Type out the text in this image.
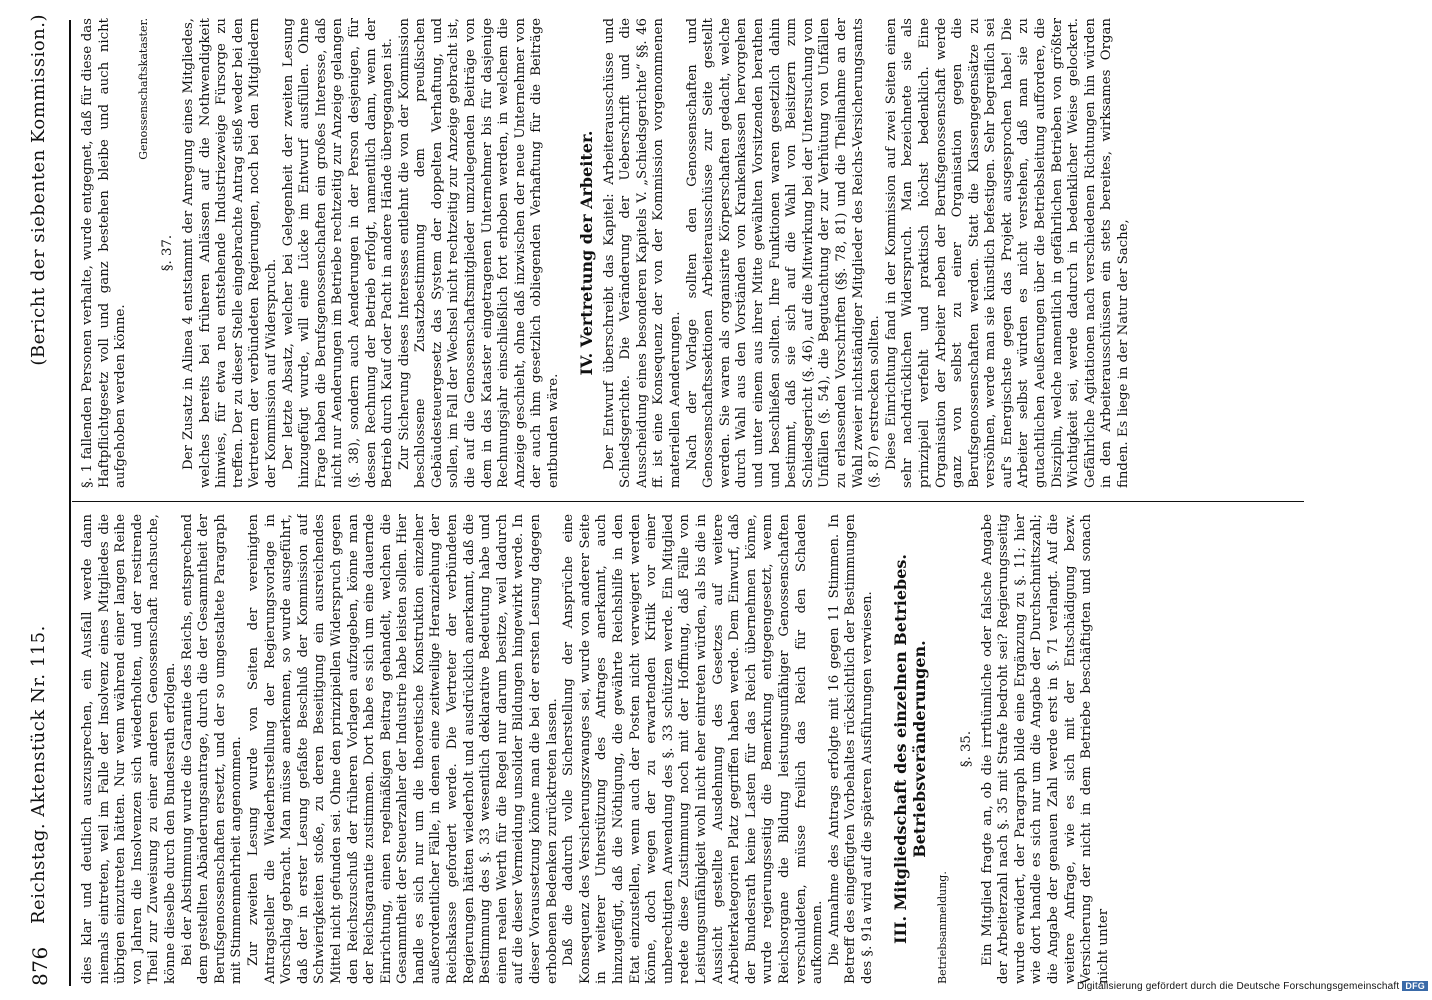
876
Reichstag. Aktenstück Nr. 115.
(Bericht der siebenten Kommission.)

dies klar und deutlich auszusprechen, ein Ausfall werde dann niemals eintreten, weil im Falle der Insolvenz eines Mitgliedes die übrigen einzutreten hätten. Nur wenn während einer langen Reihe von Jahren die Insolvenzen sich wiederholten, und der restirende Theil zur Zuweisung zu einer anderen Genossenschaft nachsuche, könne dieselbe durch den Bundesrath erfolgen. Bei der Abstimmung wurde die Garantie des Reichs, entsprechend dem gestellten Abänderungsantrage, durch die der Gesammtheit der Berufsgenossenschaften ersetzt, und der so umgestaltete Paragraph mit Stimmenmehrheit angenommen. Zur zweiten Lesung wurde von Seiten der vereinigten Antragsteller die Wiederherstellung der Regierungsvorlage in Vorschlag gebracht. Man müsse anerkennen, so wurde ausgeführt, daß der in erster Lesung gefaßte Beschluß der Kommission auf Schwierigkeiten stoße, zu deren Beseitigung ein ausreichendes Mittel nicht gefunden sei. Ohne den prinzipiellen Widerspruch gegen den Reichszuschuß der früheren Vorlagen aufzugeben, könne man der Reichsgarantie zustimmen. Dort habe es sich um eine dauernde Einrichtung, einen regelmäßigen Beitrag gehandelt, welchen die Gesammtheit der Steuerzahler der Industrie habe leisten sollen. Hier handle es sich nur um die theoretische Konstruktion einzelner außerordentlicher Fälle, in denen eine zeitweilige Heranziehung der Reichskasse gefordert werde. Die Vertreter der verbündeten Regierungen hätten wiederholt und ausdrücklich anerkannt, daß die Bestimmung des §. 33 wesentlich deklarative Bedeutung habe und einen realen Werth für die Regel nur darum besitze, weil dadurch auf die dieser Vermeidung unsolider Bildungen hingewirkt werde. In dieser Voraussetzung könne man die bei der ersten Lesung dagegen erhobenen Bedenken zurücktreten lassen. Daß die dadurch volle Sicherstellung der Ansprüche eine Konsequenz des Versicherungszwanges sei, wurde von anderer Seite in weiterer Unterstützung des Antrages anerkannt, auch hinzugefügt, daß die Nöthigung, die gewährte Reichshilfe in den Etat einzustellen, wenn auch der Posten nicht verweigert werden könne, doch wegen der zu erwartenden Kritik vor einer unberechtigten Anwendung des §. 33 schützen werde. Ein Mitglied redete diese Zustimmung noch mit der Hoffnung, daß Fälle von Leistungsunfähigkeit wohl nicht eher eintreten würden, als bis die in Aussicht gestellte Ausdehnung des Gesetzes auf weitere Arbeiterkategorien Platz gegriffen haben werde. Dem Einwurf, daß der Bundesrath keine Lasten für das Reich übernehmen könne, wurde regierungsseitig die Bemerkung entgegengesetzt, wenn Reichsorgane die Bildung leistungsunfähiger Genossenschaften verschuldeten, müsse freilich das Reich für den Schaden aufkommen. Die Annahme des Antrags erfolgte mit 16 gegen 11 Stimmen. In Betreff des eingefügten Vorbehaltes rücksichtlich der Bestimmungen des §. 91a wird auf die späteren Ausführungen verwiesen. III. Mitgliedschaft des einzelnen Betriebes. Betriebsveränderungen.
Betriebsanmeldung.
§. 35. Ein Mitglied fragte an, ob die irrthümliche oder falsche Angabe der Arbeiterzahl nach §. 35 mit Strafe bedroht sei? Regierungsseitig wurde erwidert, der Paragraph bilde eine Ergänzung zu §. 11; hier wie dort handle es sich nur um die Angabe der Durchschnittszahl; die Angabe der genauen Zahl werde erst in §. 71 verlangt. Auf die weitere Anfrage, wie es sich mit der Entschädigung bezw. Versicherung der nicht in dem Betriebe beschäftigten und sonach nicht unter

§. 1 fallenden Personen verhalte, wurde entgegnet, daß für diese das Haftpflichtgesetz voll und ganz bestehen bleibe und auch nicht aufgehoben werden könne.

Genossenschaftskataster.
§. 37. Der Zusatz in Alinea 4 entstammt der Anregung eines Mitgliedes, welches bereits bei früheren Anlässen auf die Nothwendigkeit hinwies, für etwa neu entstehende Industriezweige Fürsorge zu treffen. Der zu dieser Stelle eingebrachte Antrag stieß weder bei den Vertretern der verbündeten Regierungen, noch bei den Mitgliedern der Kommission auf Widerspruch. Der letzte Absatz, welcher bei Gelegenheit der zweiten Lesung hinzugefügt wurde, will eine Lücke im Entwurf ausfüllen. Ohne Frage haben die Berufsgenossenschaften ein großes Interesse, daß nicht nur Aenderungen im Betriebe rechtzeitig zur Anzeige gelangen (§. 38), sondern auch Aenderungen in der Person desjenigen, für dessen Rechnung der Betrieb erfolgt, namentlich dann, wenn der Betrieb durch Kauf oder Pacht in andere Hände übergegangen ist. Zur Sicherung dieses Interesses entlehnt die von der Kommission beschlossene Zusatzbestimmung dem preußischen Gebäudesteuergesetz das System der doppelten Verhaftung, und sollen, im Fall der Wechsel nicht rechtzeitig zur Anzeige gebracht ist, die auf die Genossenschaftsmitglieder umzulegenden Beiträge von dem in das Kataster eingetragenen Unternehmer bis für dasjenige Rechnungsjahr einschließlich fort erhoben werden, in welchem die Anzeige geschieht, ohne daß inzwischen der neue Unternehmer von der auch ihm gesetzlich obliegenden Verhaftung für die Beiträge entbunden wäre.

IV. Vertretung der Arbeiter. Der Entwurf überschreibt das Kapitel: Arbeiterausschüsse und Schiedsgerichte. Die Veränderung der Ueberschrift und die Ausscheidung eines besonderen Kapitels V. „Schiedsgerichte“ §§. 46 ff. ist eine Konsequenz der von der Kommission vorgenommenen materiellen Aenderungen. Nach der Vorlage sollten den Genossenschaften und Genossenschaftssektionen Arbeiterausschüsse zur Seite gestellt werden. Sie waren als organisirte Körperschaften gedacht, welche durch Wahl aus den Vorständen von Krankenkassen hervorgehen und unter einem aus ihrer Mitte gewählten Vorsitzenden berathen und beschließen sollten. Ihre Funktionen waren gesetzlich dahin bestimmt, daß sie sich auf die Wahl von Beisitzern zum Schiedsgericht (§. 46), auf die Mitwirkung bei der Untersuchung von Unfällen (§. 54), die Begutachtung der zur Verhütung von Unfällen zu erlassenden Vorschriften (§§. 78, 81) und die Theilnahme an der Wahl zweier nichtständiger Mitglieder des Reichs-Versicherungsamts (§. 87) erstrecken sollten. Diese Einrichtung fand in der Kommission auf zwei Seiten einen sehr nachdrücklichen Widerspruch. Man bezeichnete sie als prinzipiell verfehlt und praktisch höchst bedenklich. Eine Organisation der Arbeiter neben der Berufsgenossenschaft werde ganz von selbst zu einer Organisation gegen die Berufsgenossenschaften werden. Statt die Klassengegensätze zu versöhnen, werde man sie künstlich befestigen. Sehr begreiflich sei auf's Energischste gegen das Projekt ausgesprochen habe! Die Arbeiter selbst würden es nicht verstehen, daß man sie zu gutachtlichen Aeußerungen über die Betriebsleitung auffordere, die Disziplin, welche namentlich in gefährlichen Betrieben von größter Wichtigkeit sei, werde dadurch in bedenklicher Weise gelockert. Gefährliche Agitationen nach verschiedenen Richtungen hin würden in den Arbeiterausschüssen ein stets bereites, wirksames Organ finden. Es liege in der Natur der Sache,

Digitalisierung gefördert durch die Deutsche Forschungsgemeinschaft DFG
